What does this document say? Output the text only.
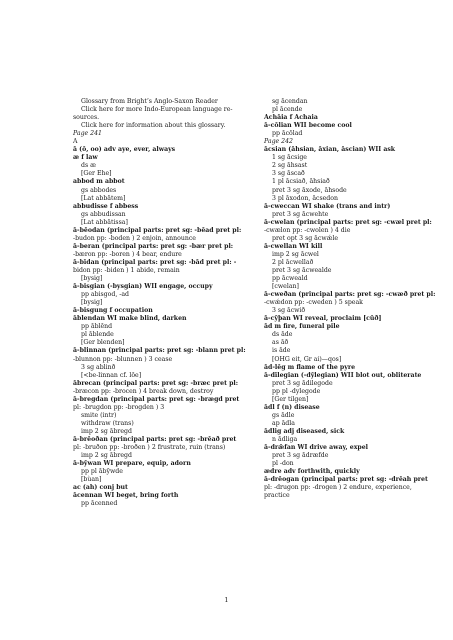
Glossary from Bright’s Anglo-Saxon Reader
Click here for more Indo-European language re-
sources.
Click here for information about this glossary.
Page 241
A
ā (ō, oo) adv aye, ever, always
æ f law
ds æ
[Ger Ehe]
abbod m abbot
gs abbodes
[Lat abbātem]
abbudisse f abbess
gs abbudissan
[Lat abbātissa]
ā-bēodan (principal parts: pret sg: -bēad pret pl:
-budon pp: -boden ) 2 enjoin, announce
ā-beran (principal parts: pret sg: -bær pret pl:
-bæron pp: -boren ) 4 bear, endure
ā-bīdan (principal parts: pret sg: -bād pret pl: -
bidon pp: -biden ) 1 abide, remain
[bysig]
ā-bisgian (-bysgian) WII engage, occupy
pp abisgod, -ad
[bysig]
ā-bisgung f occupation
āblendan WI make blind, darken
pp āblēnd
pl āblende
[Ger blenden]
ā-blinnan (principal parts: pret sg: -blann pret pl:
-blunnon pp: -blunnen ) 3 cease
3 sg ablinð
[<be-linnan cf. lōe]
ābrecan (principal parts: pret sg: -bræc pret pl:
-bræcon pp: -brocen ) 4 break down, destroy
ā-bregdan (principal parts: pret sg: -brægd pret
pl: -brugdon pp: -brogden ) 3
smite (intr)
withdraw (trans)
imp 2 sg ābregd
ā-brēoðan (principal parts: pret sg: -brēað pret
pl: -bruðon pp: -broðen ) 2 frustrate, ruin (trans)
imp 2 sg ābregd
ā-bȳwan WI prepare, equip, adorn
pp pl ābȳwde
[bùan]
ac (ah) conj but
ācennan WI beget, bring forth
pp ācenned
sg ācendan
pl ācende
Achāia f Achaia
ā-cōlian WII become cool
pp ācōlad
Page 242
ācsian (āhsian, āxian, āscian) WII ask
1 sg ācsige
2 sg āhsast
3 sg āscað
1 pl ācsiað, āhsiað
pret 3 sg āxode, āhsode
3 pl āxodon, ācsedon
ā-cweccan WI shake (trans and intr)
pret 3 sg ācwehte
ā-cwelan (principal parts: pret sg: -cwæl pret pl:
-cwælon pp: -cwolen ) 4 die
pret opt 3 sg ācwǽle
ā-cwellan WI kill
imp 2 sg ācwel
2 pl ācwellað
pret 3 sg ācwealde
pp ācweald
[cwelan]
ā-cweðan (principal parts: pret sg: -cwæð pret pl:
-cwǽdon pp: -cweden ) 5 speak
3 sg ācwið
ā-cȳþan WI reveal, proclaim [cūð]
ād m fire, funeral pile
ds āde
as āð
is āde
[OHG eit, Gr ai)—qos]
ād-lēg m flame of the pyre
ā-dīlegian (-dȳlegian) WII blot out, obliterate
pret 3 sg ādilegode
pp pl -dylegode
[Ger tilgen]
ādl f (n) disease
gs ādle
ap ādla
ādlig adj diseased, sick
n ādliga
ā-drǣfan WI drive away, expel
pret 3 sg ādræfde
pl -don
ædre adv forthwith, quickly
ā-drēogan (principal parts: pret sg: -drēah pret
pl: -drugon pp: -drogen ) 2 endure, experience,
practice
1
